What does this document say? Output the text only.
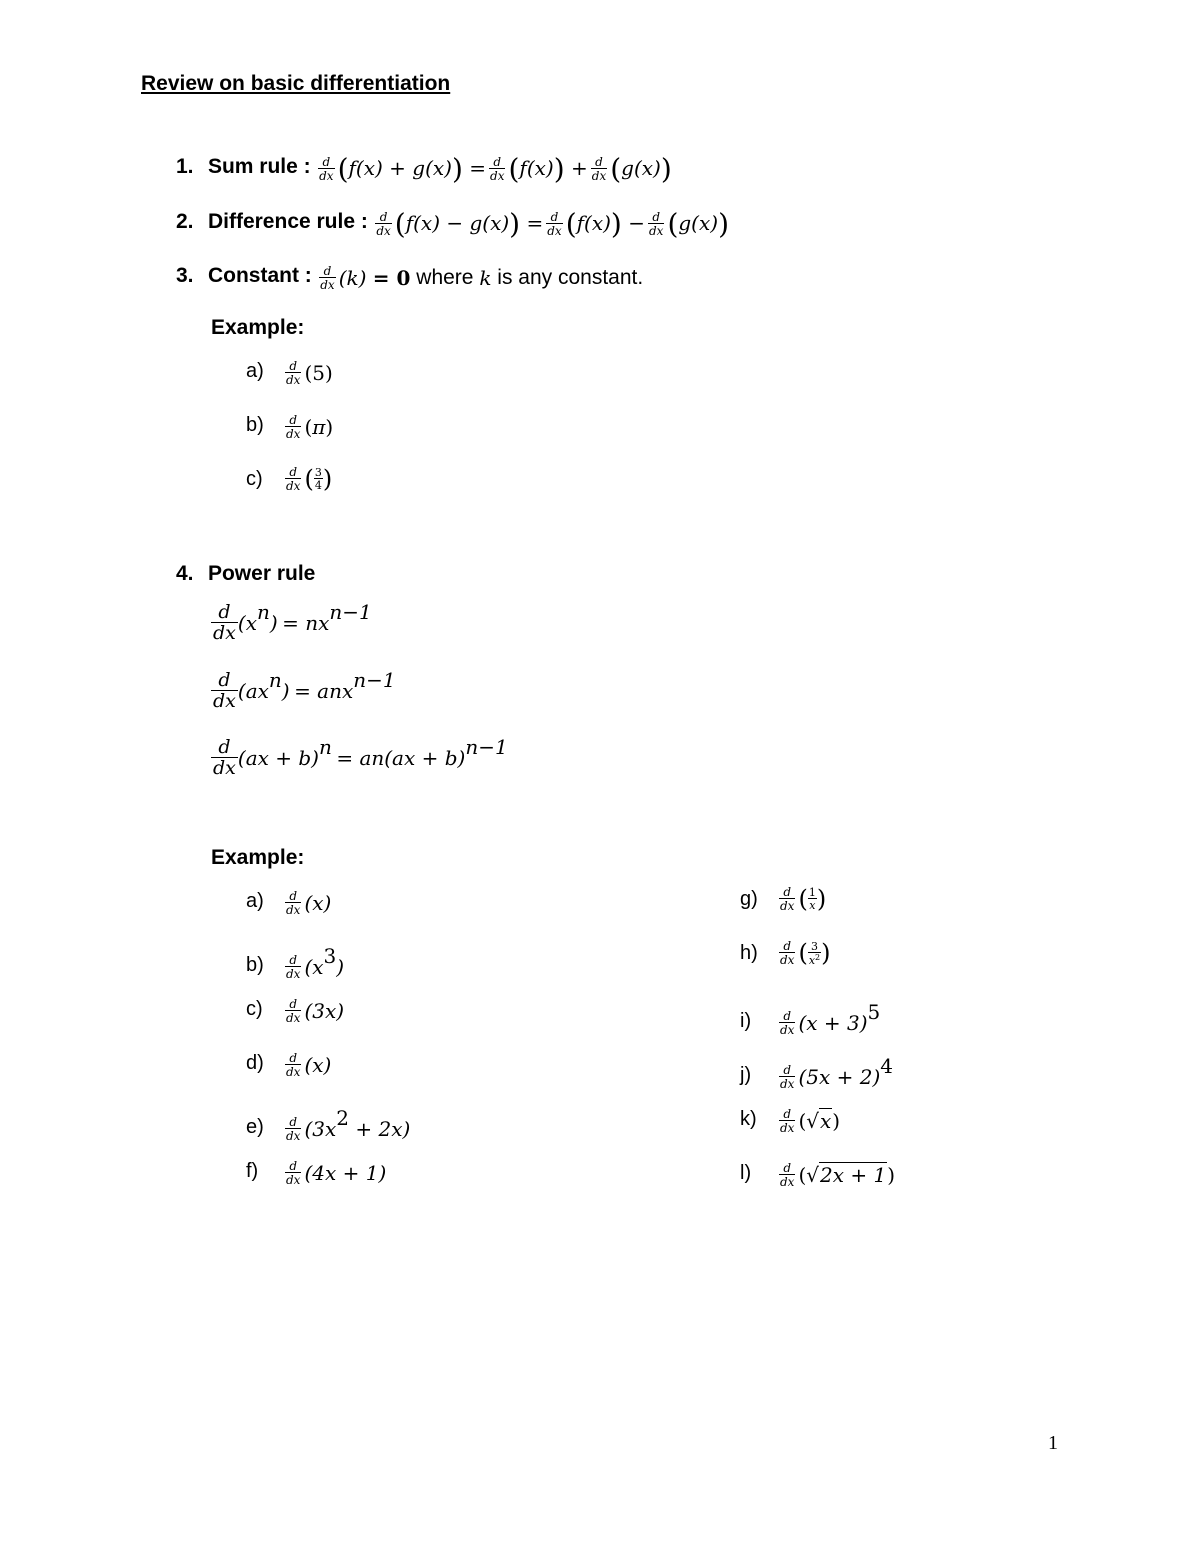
Review on basic differentiation
1. Sum rule : $\frac{d}{dx} (f(x) + g(x)) = \frac{d}{dx} (f(x)) + \frac{d}{dx} (g(x))$
2. Difference rule : $\frac{d}{dx} (f(x) - g(x)) = \frac{d}{dx} (f(x)) - \frac{d}{dx} (g(x))$
3. Constant : $\frac{d}{dx} (k) = 0$ where k is any constant.
Example:
$a) \frac{d}{dx} (5)$
$b) \frac{d}{dx} (\pi)$
$c) \frac{d}{dx}$ ( $\frac{3}{4}$ )
4. Power rule
$\frac{d}{dx} (x^n) = nx^{n-1}$
$\frac{d}{dx} (ax^n) = anx^{n-1}$
$\frac{d}{dx} (ax + b)^n = an(ax + b)^{n-1}$
Example:
$a) \frac{d}{dx} (x)$
$b) \frac{d}{dx} (x^3)$
$c) \frac{d}{dx} (3x)$
$d) \frac{d}{dx} (x)$
$e) \frac{d}{dx} (3x^2 + 2x)$
$f) \frac{d}{dx} (4x + 1)$
$g) \frac{d}{dx}$ ( $\frac{1}{x}$ )
$h) \frac{d}{dx}$ ( $\frac{3}{x^2}$ )
$i) \frac{d}{dx} (x + 3)^5$
$j) \frac{d}{dx} (5x + 2)^4$
$k) \frac{d}{dx} (√x)$
$l) \frac{d}{dx} (√2x + 1)$
1
